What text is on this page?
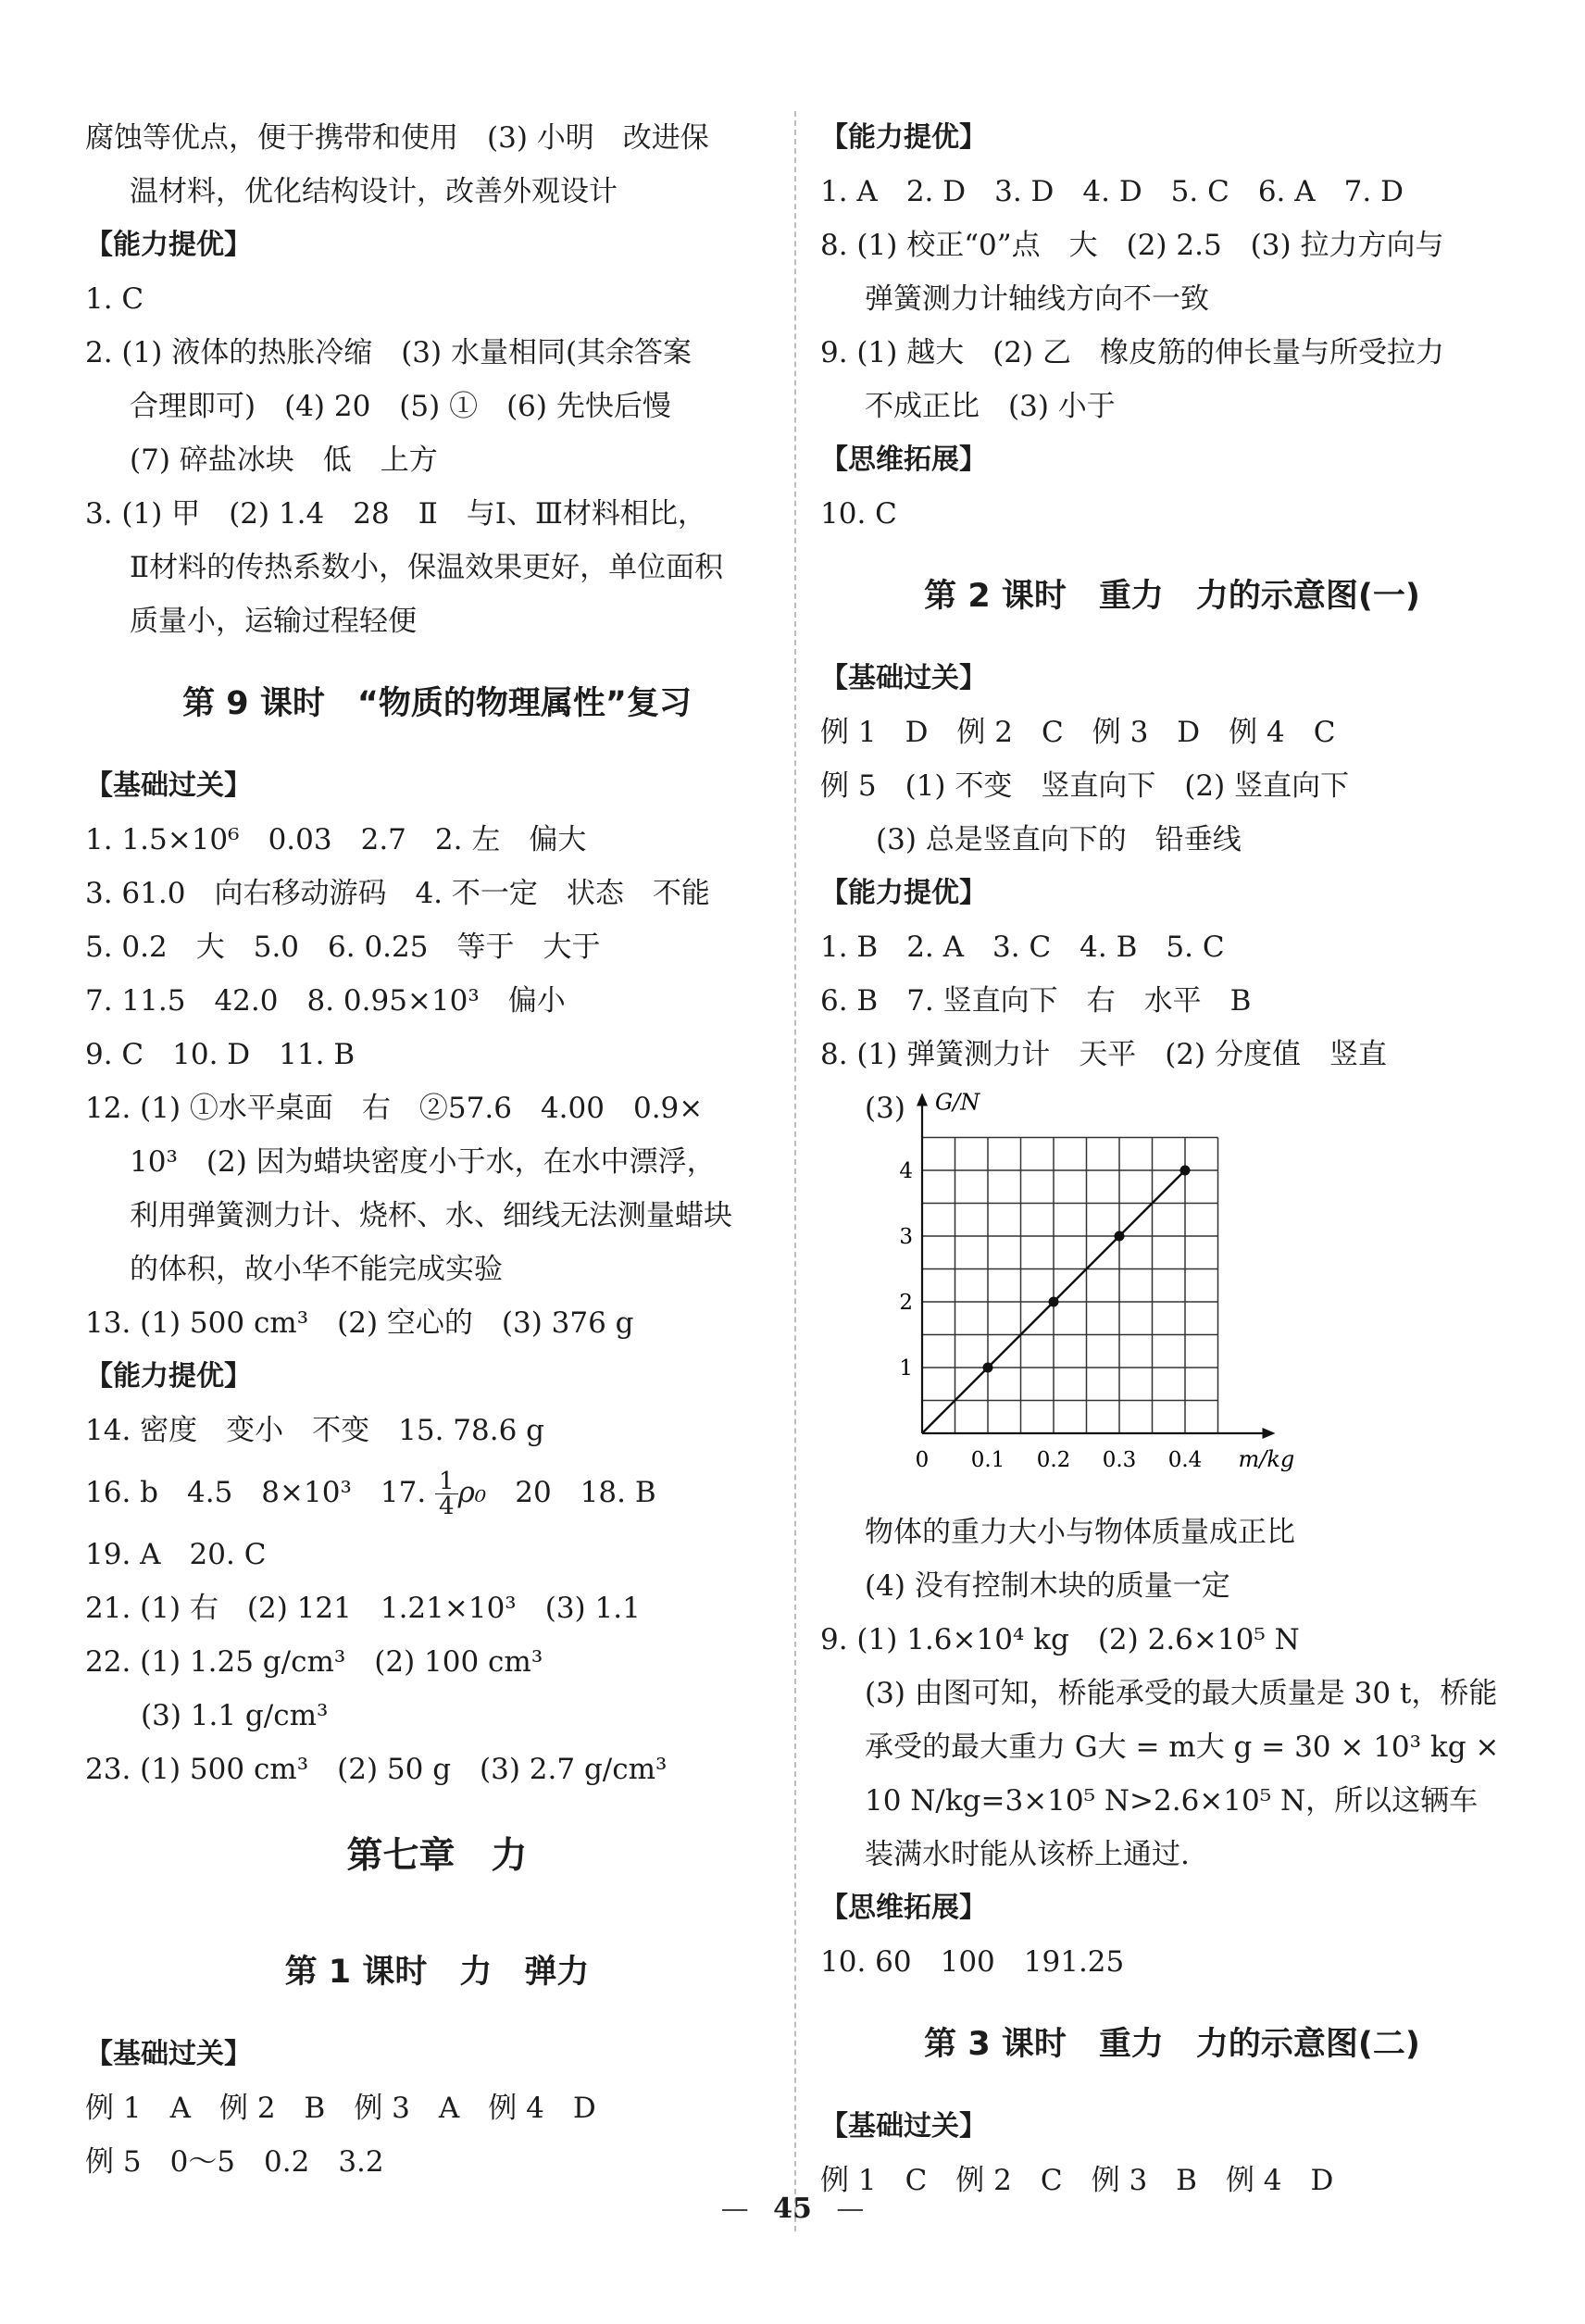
腐蚀等优点，便于携带和使用　(3) 小明　改进保
温材料，优化结构设计，改善外观设计
【能力提优】
1. C
2. (1) 液体的热胀冷缩　(3) 水量相同(其余答案
合理即可)　(4) 20　(5) ①　(6) 先快后慢
(7) 碎盐冰块　低　上方
3. (1) 甲　(2) 1.4　28　Ⅱ　与Ⅰ、Ⅲ材料相比，
Ⅱ材料的传热系数小，保温效果更好，单位面积
质量小，运输过程轻便
第 9 课时　“物质的物理属性”复习
【基础过关】
1. 1.5×10⁶　0.03　2.7　2. 左　偏大
3. 61.0　向右移动游码　4. 不一定　状态　不能
5. 0.2　大　5.0　6. 0.25　等于　大于
7. 11.5　42.0　8. 0.95×10³　偏小
9. C　10. D　11. B
12. (1) ①水平桌面　右　②57.6　4.00　0.9×
10³　(2) 因为蜡块密度小于水，在水中漂浮，
利用弹簧测力计、烧杯、水、细线无法测量蜡块
的体积，故小华不能完成实验
13. (1) 500 cm³　(2) 空心的　(3) 376 g
【能力提优】
14. 密度　变小　不变　15. 78.6 g
16. b　4.5　8×10³　17. $\frac{1}{4} \rho_0$　20　18. B
19. A　20. C
21. (1) 右　(2) 121　1.21×10³　(3) 1.1
22. (1) 1.25 g/cm³　(2) 100 cm³
(3) 1.1 g/cm³
23. (1) 500 cm³　(2) 50 g　(3) 2.7 g/cm³
第七章　力
第 1 课时　力　弹力
【基础过关】
例 1　A　例 2　B　例 3　A　例 4　D
例 5　0～5　0.2　3.2
【能力提优】
1. A　2. D　3. D　4. D　5. C　6. A　7. D
8. (1) 校正“0”点　大　(2) 2.5　(3) 拉力方向与
弹簧测力计轴线方向不一致
9. (1) 越大　(2) 乙　橡皮筋的伸长量与所受拉力
不成正比　(3) 小于
【思维拓展】
10. C
第 2 课时　重力　力的示意图(一)
【基础过关】
例 1　D　例 2　C　例 3　D　例 4　C
例 5　(1) 不变　竖直向下　(2) 竖直向下
(3) 总是竖直向下的　铅垂线
【能力提优】
1. B　2. A　3. C　4. B　5. C
6. B　7. 竖直向下　右　水平　B
8. (1) 弹簧测力计　天平　(2) 分度值　竖直
(3) G/N
m/kg
0 0.1 0.2 0.3 0.4
1
2
3
4
物体的重力大小与物体质量成正比
(4) 没有控制木块的质量一定
9. (1) 1.6×10⁴ kg　(2) 2.6×10⁵ N
(3) 由图可知，桥能承受的最大质量是 30 t，桥能
承受的最大重力 G大 = m大 g = 30 × 10³ kg ×
10 N/kg=3×10⁵ N>2.6×10⁵ N，所以这辆车
装满水时能从该桥上通过.
【思维拓展】
10. 60　100　191.25
第 3 课时　重力　力的示意图(二)
【基础过关】
例 1　C　例 2　C　例 3　B　例 4　D
— 45 —
